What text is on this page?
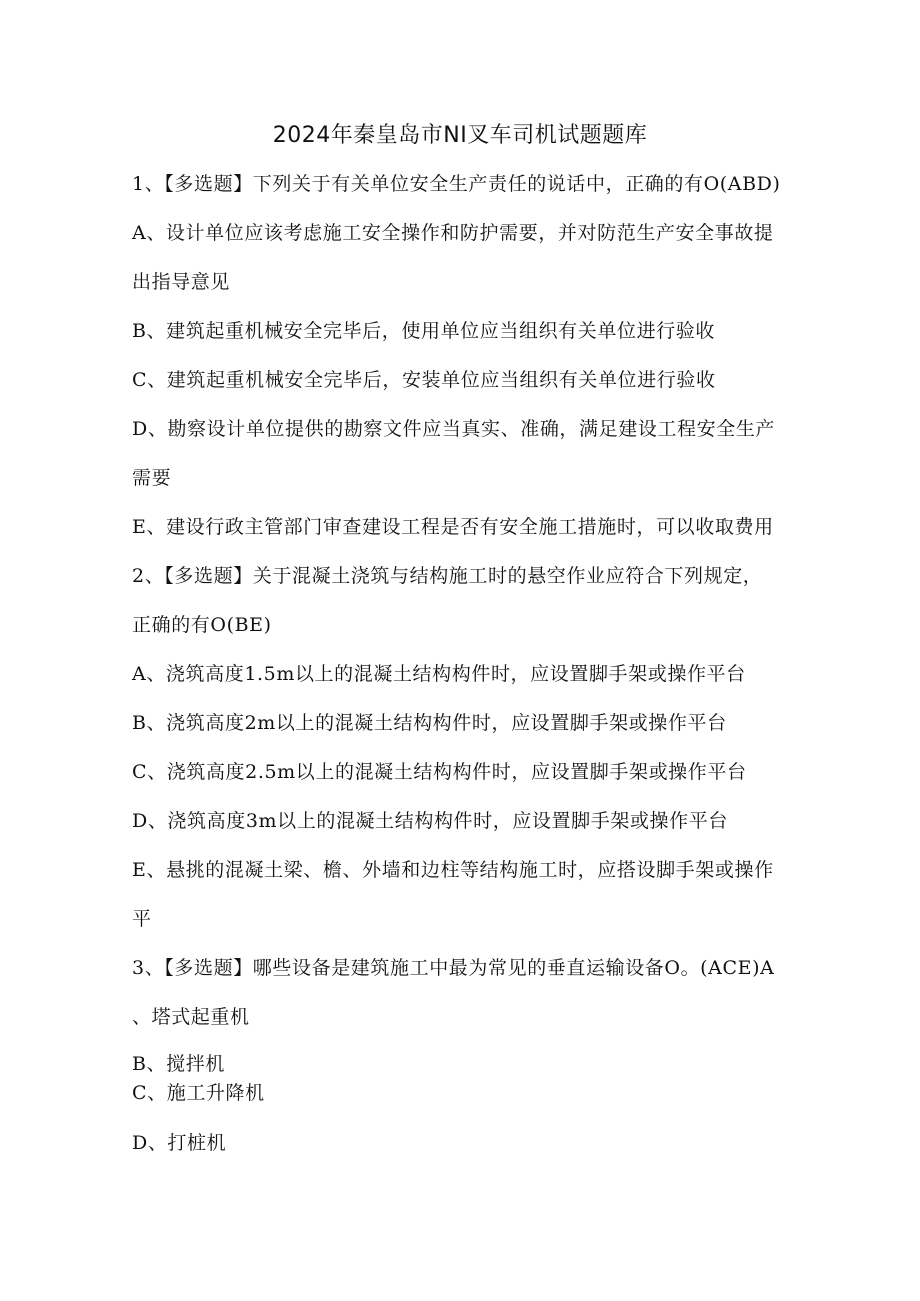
2024年秦皇岛市NI叉车司机试题题库
1、【多选题】下列关于有关单位安全生产责任的说话中，正确的有O(ABD)
A、设计单位应该考虑施工安全操作和防护需要，并对防范生产安全事故提
出指导意见
B、建筑起重机械安全完毕后，使用单位应当组织有关单位进行验收
C、建筑起重机械安全完毕后，安装单位应当组织有关单位进行验收
D、勘察设计单位提供的勘察文件应当真实、准确，满足建设工程安全生产
需要
E、建设行政主管部门审查建设工程是否有安全施工措施时，可以收取费用
2、【多选题】关于混凝土浇筑与结构施工时的悬空作业应符合下列规定，
正确的有O(BE)
A、浇筑高度1.5m以上的混凝土结构构件时，应设置脚手架或操作平台
B、浇筑高度2m以上的混凝土结构构件时，应设置脚手架或操作平台
C、浇筑高度2.5m以上的混凝土结构构件时，应设置脚手架或操作平台
D、浇筑高度3m以上的混凝土结构构件时，应设置脚手架或操作平台
E、悬挑的混凝土梁、檐、外墙和边柱等结构施工时，应搭设脚手架或操作
平
3、【多选题】哪些设备是建筑施工中最为常见的垂直运输设备O。(ACE)A
、塔式起重机
B、搅拌机
C、施工升降机
D、打桩机
